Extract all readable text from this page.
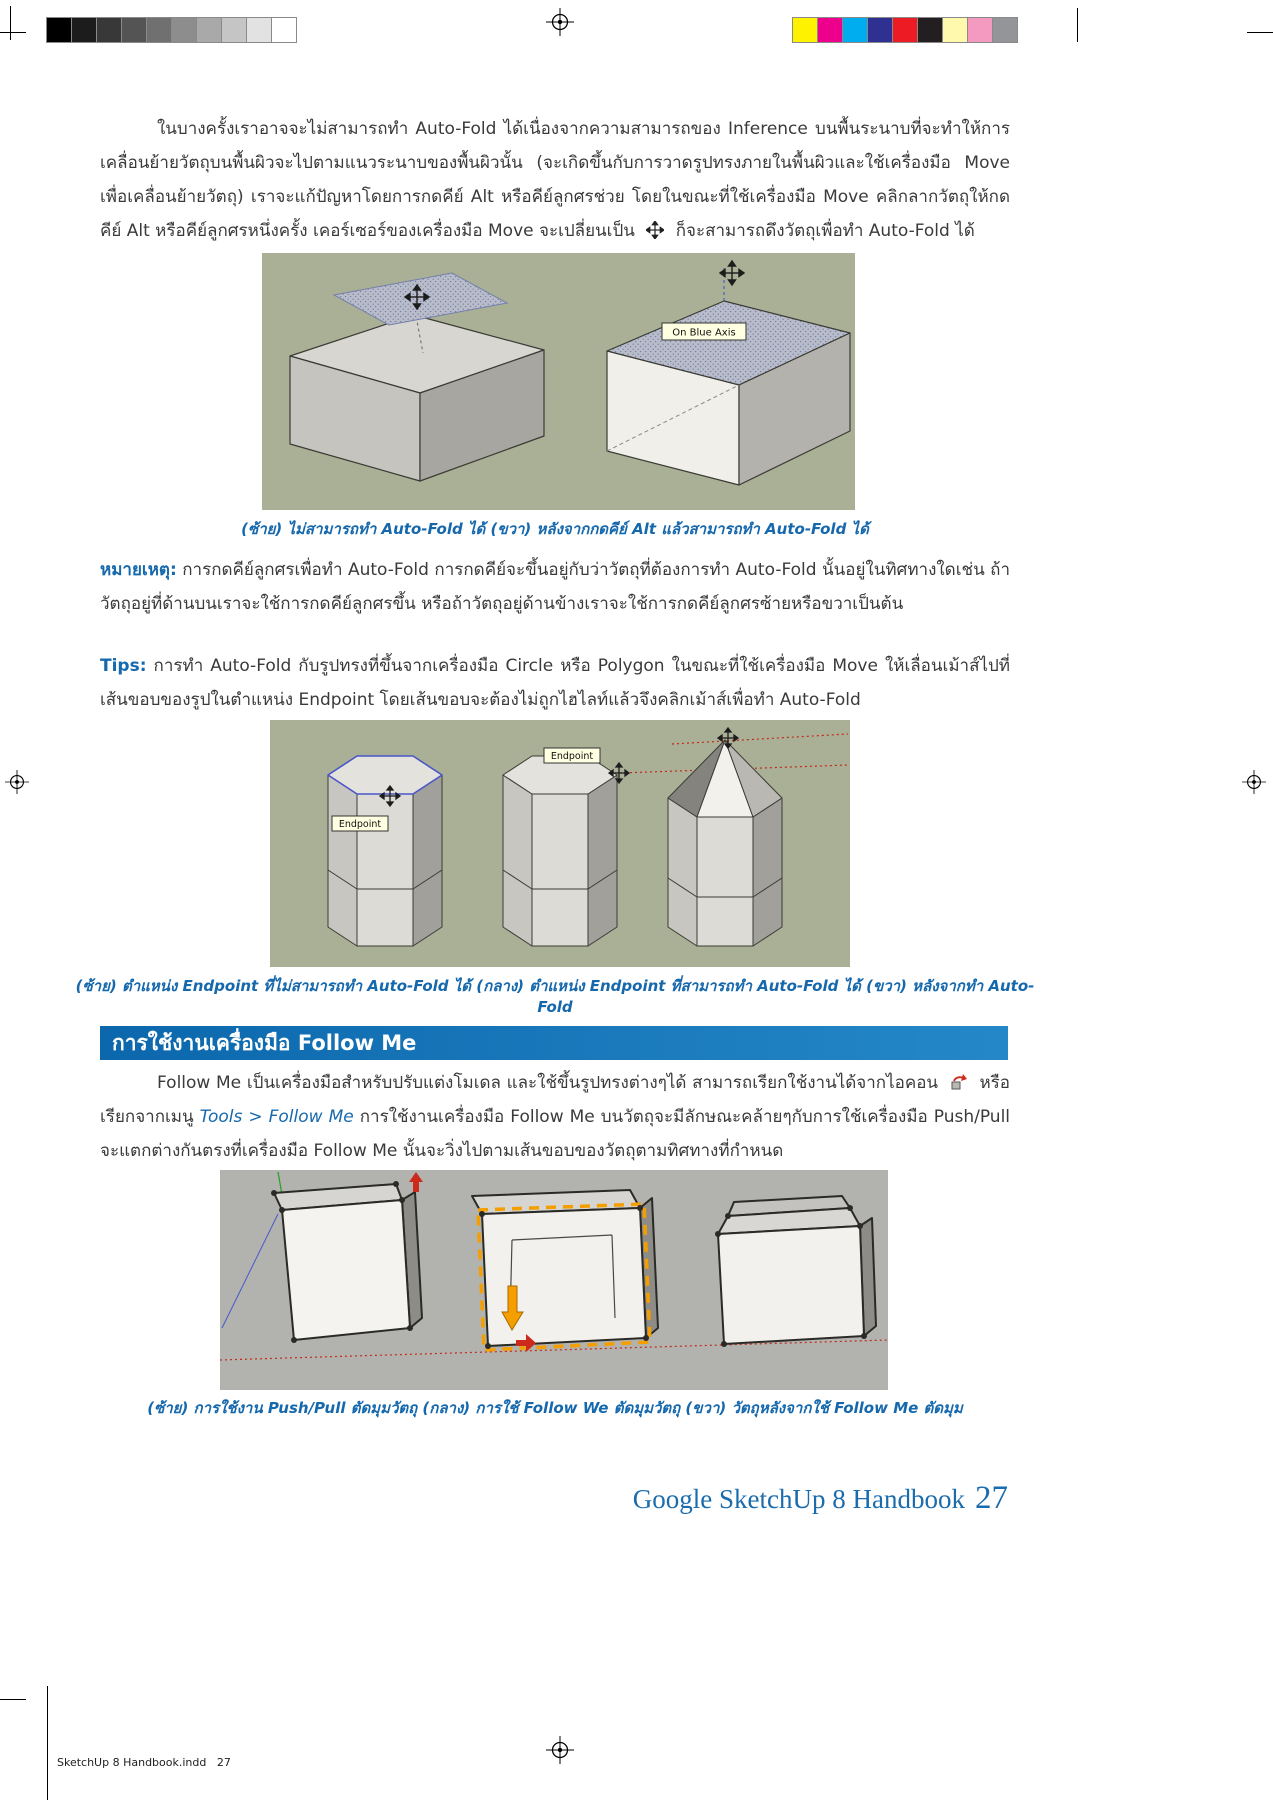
ในบางครั้งเราอาจจะไม่สามารถทำ Auto-Fold ได้เนื่องจากความสามารถของ Inference บนพื้นระนาบที่จะทำให้การเคลื่อนย้ายวัตถุบนพื้นผิวจะไปตามแนวระนาบของพื้นผิวนั้น (จะเกิดขึ้นกับการวาดรูปทรงภายในพื้นผิวและใช้เครื่องมือ Move เพื่อเคลื่อนย้ายวัตถุ) เราจะแก้ปัญหาโดยการกดคีย์ Alt หรือคีย์ลูกศรช่วย โดยในขณะที่ใช้เครื่องมือ Move คลิกลากวัตถุให้กดคีย์ Alt หรือคีย์ลูกศรหนึ่งครั้ง เคอร์เซอร์ของเครื่องมือ Move จะเปลี่ยนเป็น ก็จะสามารถดึงวัตถุเพื่อทำ Auto-Fold ได้

On Blue Axis
(ซ้าย) ไม่สามารถทำ Auto-Fold ได้ (ขวา) หลังจากกดคีย์ Alt แล้วสามารถทำ Auto-Fold ได้

หมายเหตุ: การกดคีย์ลูกศรเพื่อทำ Auto-Fold การกดคีย์จะขึ้นอยู่กับว่าวัตถุที่ต้องการทำ Auto-Fold นั้นอยู่ในทิศทางใดเช่น ถ้าวัตถุอยู่ที่ด้านบนเราจะใช้การกดคีย์ลูกศรขึ้น หรือถ้าวัตถุอยู่ด้านข้างเราจะใช้การกดคีย์ลูกศรซ้ายหรือขวาเป็นต้น

Tips: การทำ Auto-Fold กับรูปทรงที่ขึ้นจากเครื่องมือ Circle หรือ Polygon ในขณะที่ใช้เครื่องมือ Move ให้เลื่อนเม้าส์ไปที่เส้นขอบของรูปในตำแหน่ง Endpoint โดยเส้นขอบจะต้องไม่ถูกไฮไลท์แล้วจึงคลิกเม้าส์เพื่อทำ Auto-Fold

Endpoint
Endpoint
(ซ้าย) ตำแหน่ง Endpoint ที่ไม่สามารถทำ Auto-Fold ได้ (กลาง) ตำแหน่ง Endpoint ที่สามารถทำ Auto-Fold ได้ (ขวา) หลังจากทำ Auto-Fold
การใช้งานเครื่องมือ Follow Me

Follow Me เป็นเครื่องมือสำหรับปรับแต่งโมเดล และใช้ขึ้นรูปทรงต่างๆได้ สามารถเรียกใช้งานได้จากไอคอน หรือเรียกจากเมนู Tools > Follow Me การใช้งานเครื่องมือ Follow Me บนวัตถุจะมีลักษณะคล้ายๆกับการใช้เครื่องมือ Push/Pull จะแตกต่างกันตรงที่เครื่องมือ Follow Me นั้นจะวิ่งไปตามเส้นขอบของวัตถุตามทิศทางที่กำหนด

(ซ้าย) การใช้งาน Push/Pull ตัดมุมวัตถุ (กลาง) การใช้ Follow We ตัดมุมวัตถุ (ขวา) วัตถุหลังจากใช้ Follow Me ตัดมุม
Google SketchUp 8 Handbook 27
SketchUp 8 Handbook.indd   27
